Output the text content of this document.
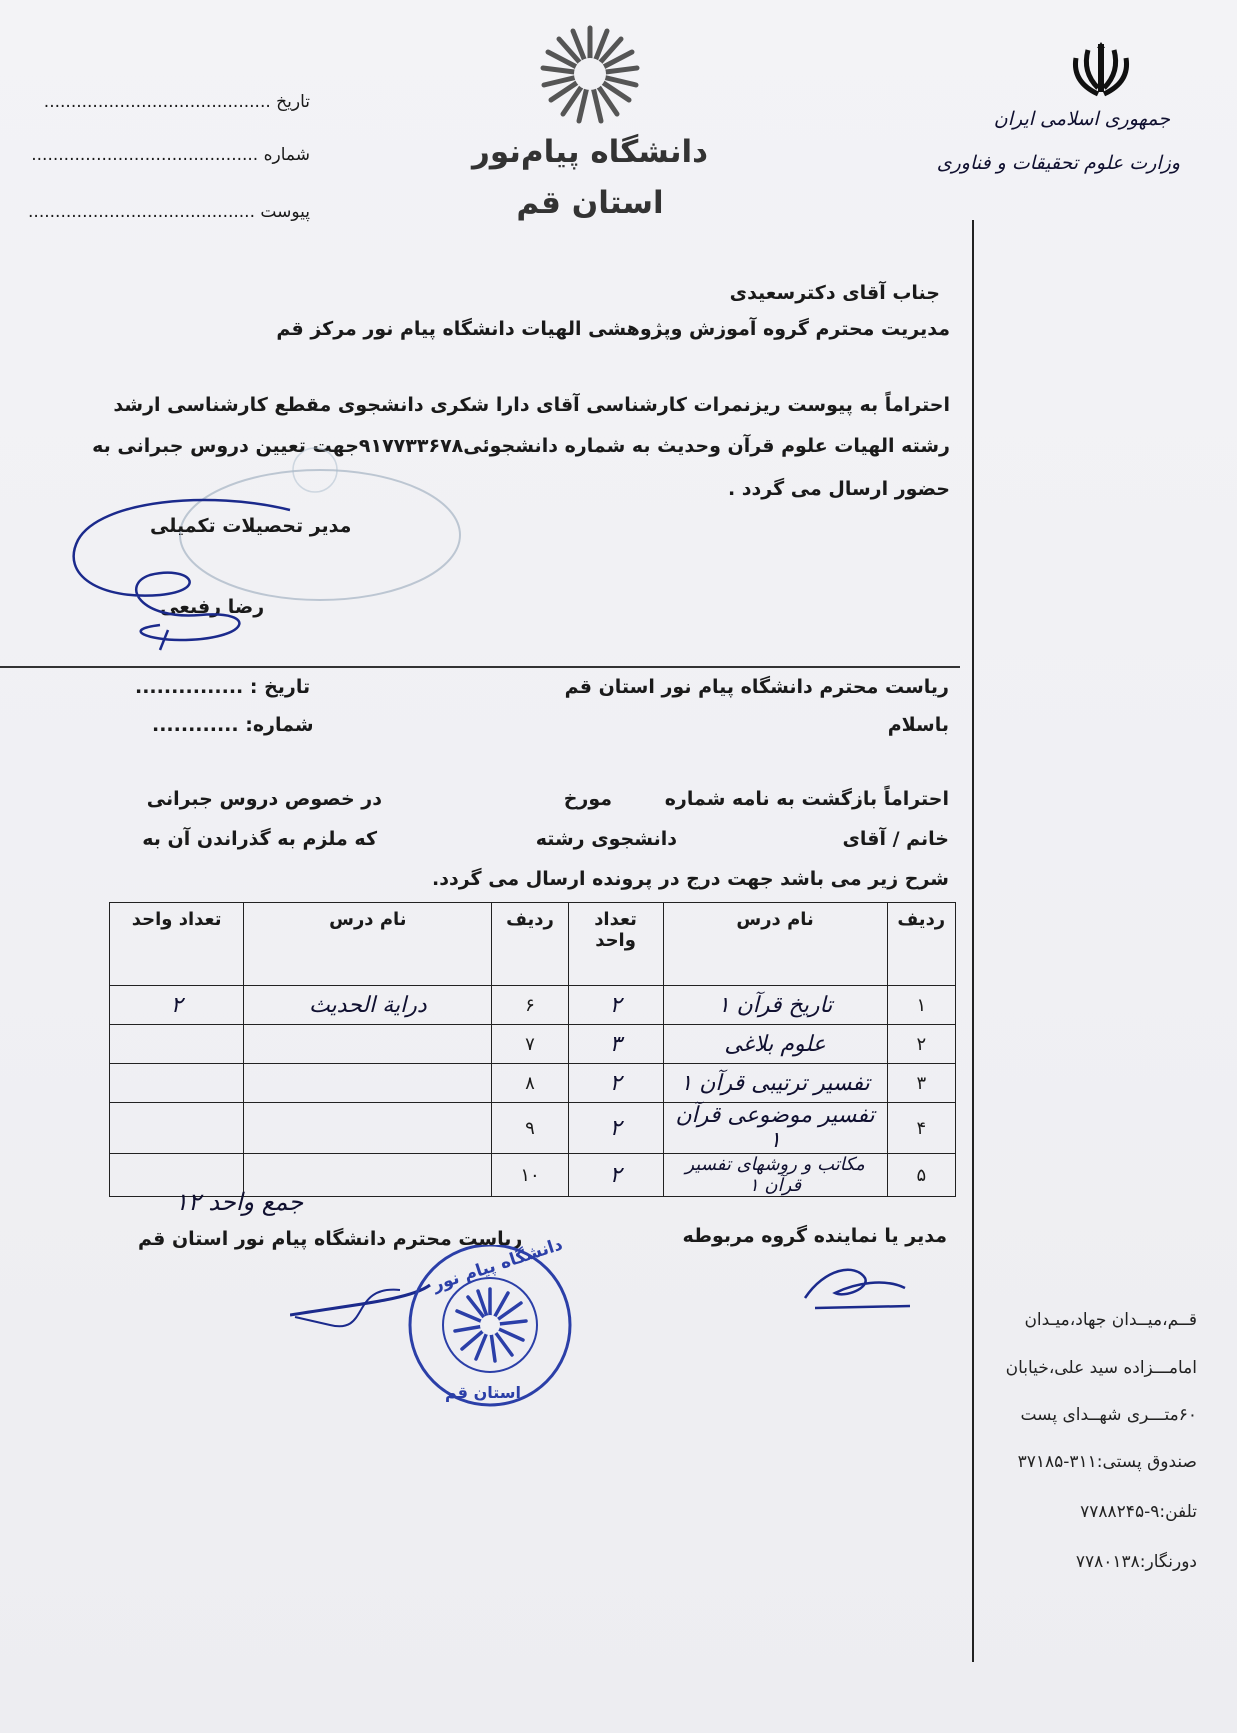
تاریخ ..........................................
شماره ..........................................
پیوست ..........................................
دانشگاه پیام‌نور
استان قم
جمهوری اسلامی ایران
وزارت علوم تحقیقات و فناوری
جناب آقای دکترسعیدی
مدیریت محترم گروه آموزش وپژوهشی الهیات دانشگاه پیام نور مرکز قم
احتراماً به پیوست ریزنمرات کارشناسی آقای دارا شکری دانشجوی مقطع کارشناسی ارشد
رشته الهیات علوم قرآن وحدیث به شماره دانشجوئی۹۱۷۷۳۳۶۷۸جهت تعیین دروس جبرانی به
حضور ارسال می گردد .
مدیر تحصیلات تکمیلی
رضا رفیعی
تاریخ : ...............
شماره: ............
ریاست محترم دانشگاه پیام نور استان قم
باسلام
احتراماً بازگشت به نامه شماره
مورخ
در خصوص دروس جبرانی
خانم / آقای
دانشجوی رشته
که ملزم به گذراندن آن به
شرح زیر می باشد جهت درج در پرونده ارسال می گردد.
ردیف	نام درس	تعداد واحد	ردیف	نام درس	تعداد واحد
۱	تاریخ قرآن ۱	۲	۶	درایة الحدیث	۲
۲	علوم بلاغی	۳	۷		
۳	تفسیر ترتیبی قرآن ۱	۲	۸		
۴	تفسیر موضوعی قرآن ۱	۲	۹		
۵	مکاتب و روشهای تفسیر قرآن ۱	۲	۱۰		
جمع واحد ۱۲
ریاست محترم دانشگاه پیام نور استان قم	مدیر یا نماینده گروه مربوطه
دانشگاه پیام نور
استان قم
قــم،میــدان جهاد،میـدان
امامـــزاده سید علی،خیابان
۶۰متـــری شهــدای پست
صندوق پستی:۳۱۱-۳۷۱۸۵
تلفن:۹-۷۷۸۸۲۴۵
دورنگار:۷۷۸۰۱۳۸
